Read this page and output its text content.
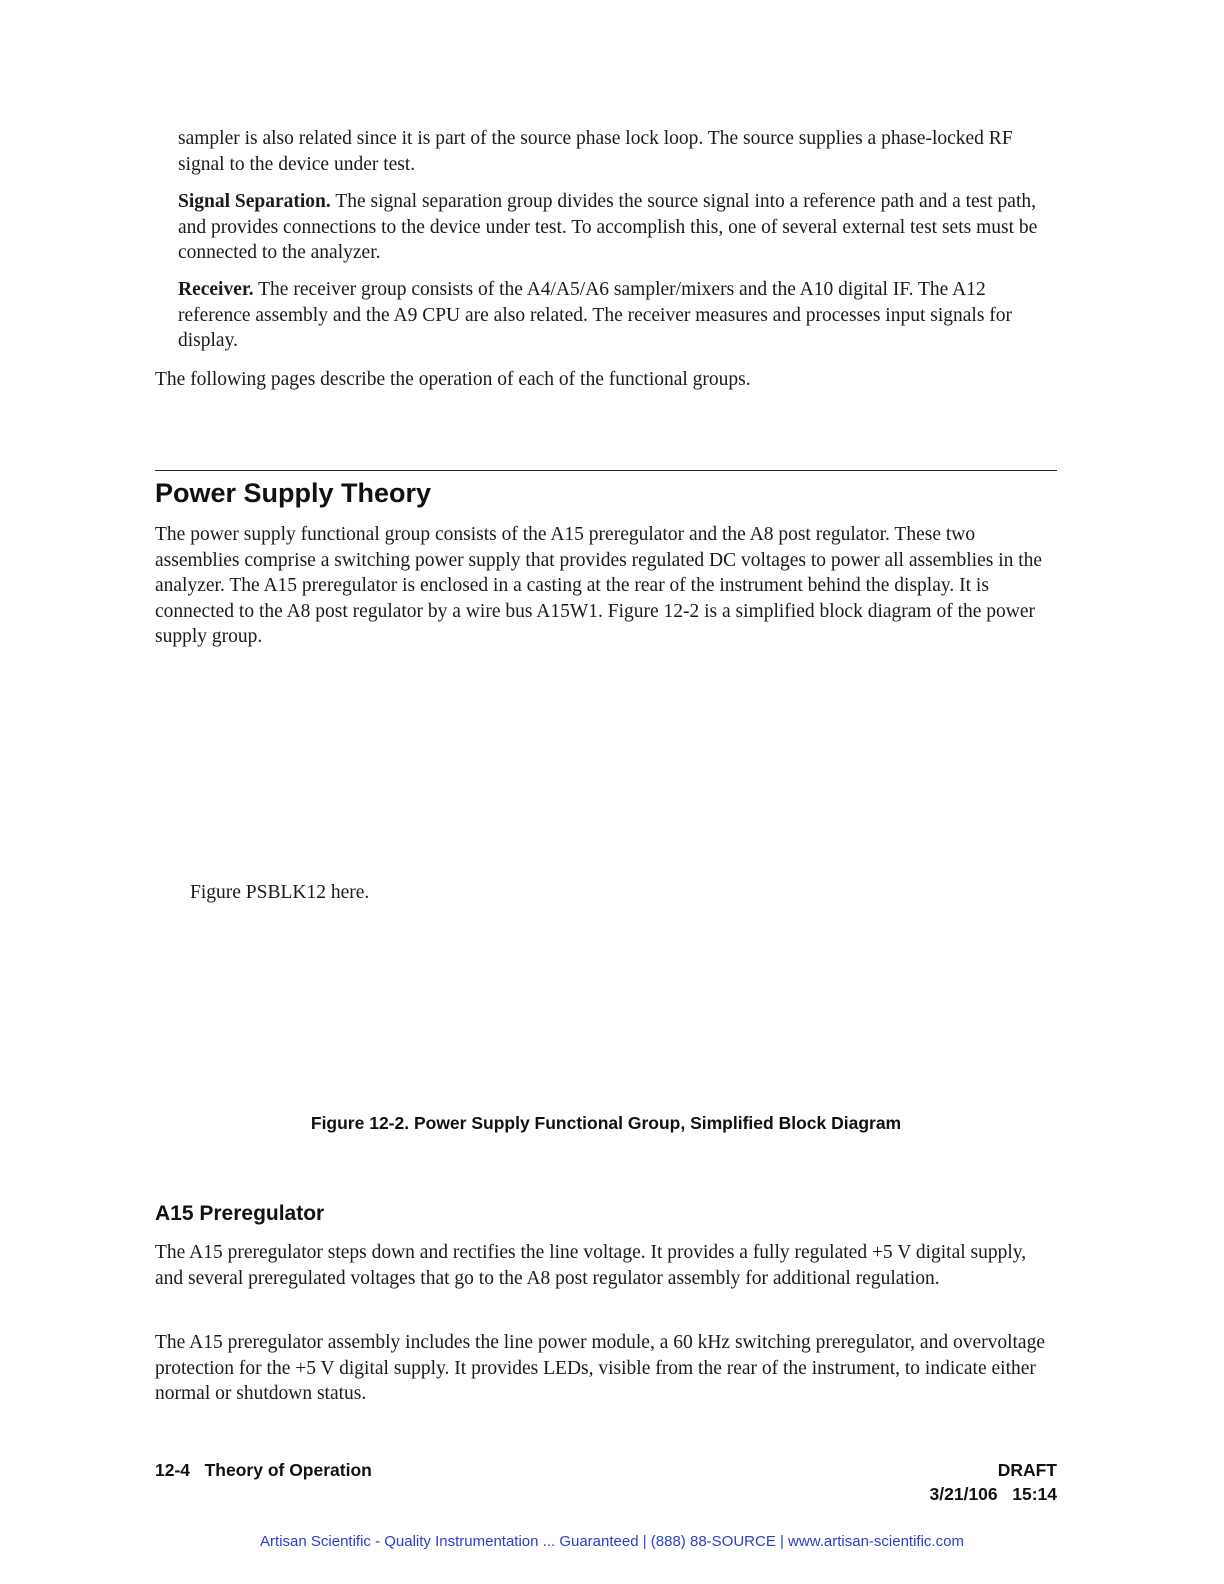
sampler is also related since it is part of the source phase lock loop. The source supplies a phase-locked RF signal to the device under test.

Signal Separation. The signal separation group divides the source signal into a reference path and a test path, and provides connections to the device under test. To accomplish this, one of several external test sets must be connected to the analyzer.

Receiver. The receiver group consists of the A4/A5/A6 sampler/mixers and the A10 digital IF. The A12 reference assembly and the A9 CPU are also related. The receiver measures and processes input signals for display.

The following pages describe the operation of each of the functional groups.

Power Supply Theory

The power supply functional group consists of the A15 preregulator and the A8 post regulator. These two assemblies comprise a switching power supply that provides regulated DC voltages to power all assemblies in the analyzer. The A15 preregulator is enclosed in a casting at the rear of the instrument behind the display. It is connected to the A8 post regulator by a wire bus A15W1. Figure 12-2 is a simplified block diagram of the power supply group.

Figure PSBLK12 here.
Figure 12-2. Power Supply Functional Group, Simplified Block Diagram
A15 Preregulator

The A15 preregulator steps down and rectifies the line voltage. It provides a fully regulated +5 V digital supply, and several preregulated voltages that go to the A8 post regulator assembly for additional regulation.

The A15 preregulator assembly includes the line power module, a 60 kHz switching preregulator, and overvoltage protection for the +5 V digital supply. It provides LEDs, visible from the rear of the instrument, to indicate either normal or shutdown status.

12-4   Theory of Operation	DRAFT
3/21/106   15:14
Artisan Scientific - Quality Instrumentation ... Guaranteed | (888) 88-SOURCE | www.artisan-scientific.com
